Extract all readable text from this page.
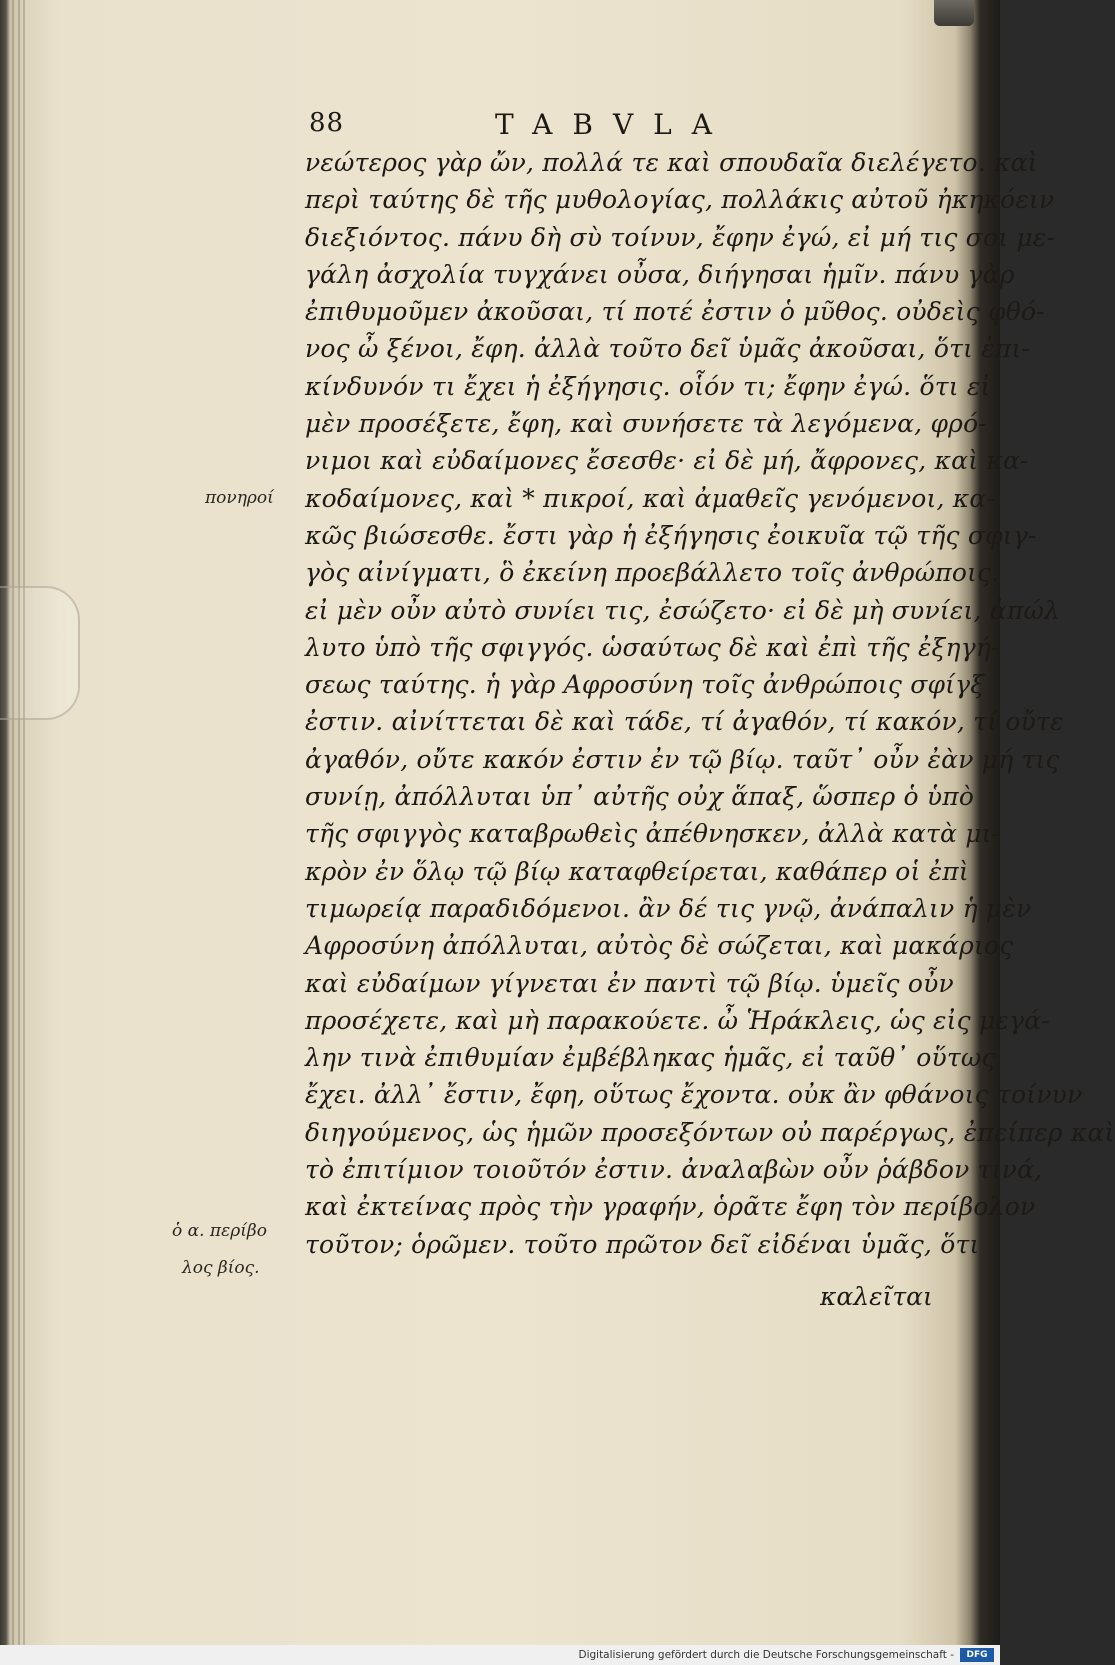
88	TABVLA
νεώτερος γὰρ ὤν, πολλά τε καὶ σπουδαῖα διελέγετο. καὶ
περὶ ταύτης δὲ τῆς μυθολογίας, πολλάκις αὐτοῦ ἠκηκόειν
διεξιόντος. πάνυ δὴ σὺ τοίνυν, ἔφην ἐγώ, εἰ μή τις σοι με-
γάλη ἀσχολία τυγχάνει οὖσα, διήγησαι ἡμῖν. πάνυ γὰρ
ἐπιθυμοῦμεν ἀκοῦσαι, τί ποτέ ἐστιν ὁ μῦθος. οὐδεὶς φθό-
νος ὦ ξένοι, ἔφη. ἀλλὰ τοῦτο δεῖ ὑμᾶς ἀκοῦσαι, ὅτι ἐπι-
κίνδυνόν τι ἔχει ἡ ἐξήγησις. οἷόν τι; ἔφην ἐγώ. ὅτι εἰ
μὲν προσέξετε, ἔφη, καὶ συνήσετε τὰ λεγόμενα, φρό-
νιμοι καὶ εὐδαίμονες ἔσεσθε· εἰ δὲ μή, ἄφρονες, καὶ κα-
κοδαίμονες, καὶ * πικροί, καὶ ἀμαθεῖς γενόμενοι, κα-
κῶς βιώσεσθε. ἔστι γὰρ ἡ ἐξήγησις ἐοικυῖα τῷ τῆς σφιγ-
γὸς αἰνίγματι, ὃ ἐκείνη προεβάλλετο τοῖς ἀνθρώποις.
εἰ μὲν οὖν αὐτὸ συνίει τις, ἐσώζετο· εἰ δὲ μὴ συνίει, ἀπώλ
λυτο ὑπὸ τῆς σφιγγός. ὡσαύτως δὲ καὶ ἐπὶ τῆς ἐξηγή-
σεως ταύτης. ἡ γὰρ Αφροσύνη τοῖς ἀνθρώποις σφίγξ
ἐστιν. αἰνίττεται δὲ καὶ τάδε, τί ἀγαθόν, τί κακόν, τί οὔτε
ἀγαθόν, οὔτε κακόν ἐστιν ἐν τῷ βίῳ. ταῦτ᾿ οὖν ἐὰν μή τις
συνίῃ, ἀπόλλυται ὑπ᾿ αὐτῆς οὐχ ἅπαξ, ὥσπερ ὁ ὑπὸ
τῆς σφιγγὸς καταβρωθεὶς ἀπέθνησκεν, ἀλλὰ κατὰ μι-
κρὸν ἐν ὅλῳ τῷ βίῳ καταφθείρεται, καθάπερ οἱ ἐπὶ
τιμωρείᾳ παραδιδόμενοι. ἂν δέ τις γνῷ, ἀνάπαλιν ἡ μὲν
Αφροσύνη ἀπόλλυται, αὐτὸς δὲ σώζεται, καὶ μακάριος
καὶ εὐδαίμων γίγνεται ἐν παντὶ τῷ βίῳ. ὑμεῖς οὖν
προσέχετε, καὶ μὴ παρακούετε. ὦ Ἡράκλεις, ὡς εἰς μεγά-
λην τινὰ ἐπιθυμίαν ἐμβέβληκας ἡμᾶς, εἰ ταῦθ᾿ οὕτως
ἔχει. ἀλλ᾿ ἔστιν, ἔφη, οὕτως ἔχοντα. οὐκ ἂν φθάνοις τοίνυν
διηγούμενος, ὡς ἡμῶν προσεξόντων οὐ παρέργως, ἐπείπερ καὶ
τὸ ἐπιτίμιον τοιοῦτόν ἐστιν. ἀναλαβὼν οὖν ῥάβδον τινά,
καὶ ἐκτείνας πρὸς τὴν γραφήν, ὁρᾶτε ἔφη τὸν περίβολον
τοῦτον; ὁρῶμεν. τοῦτο πρῶτον δεῖ εἰδέναι ὑμᾶς, ὅτι
πονηροί
ὁ α. περίβο
λος βίος.
καλεῖται
Digitalisierung gefördert durch die Deutsche Forschungsgemeinschaft -	DFG
